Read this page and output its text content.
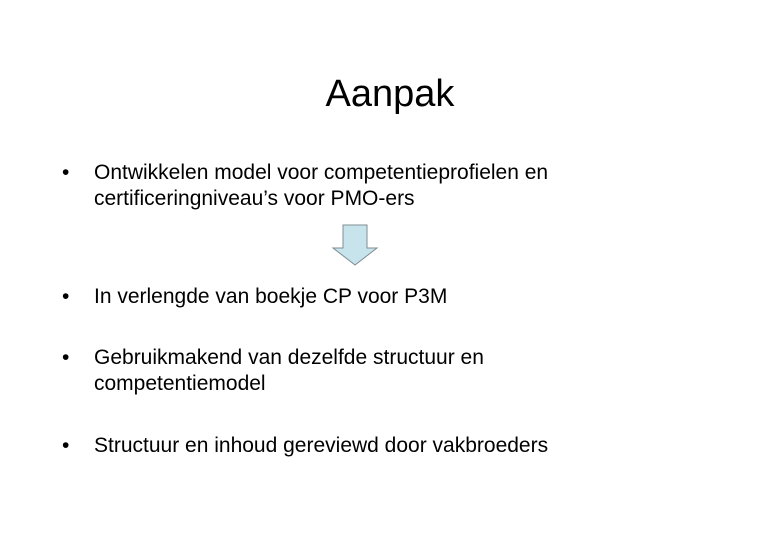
Aanpak
•	Ontwikkelen model voor competentieprofielen en
certificeringniveau’s voor PMO-ers
•	In verlengde van boekje CP voor P3M
•	Gebruikmakend van dezelfde structuur en
competentiemodel
•	Structuur en inhoud gereviewd door vakbroeders
